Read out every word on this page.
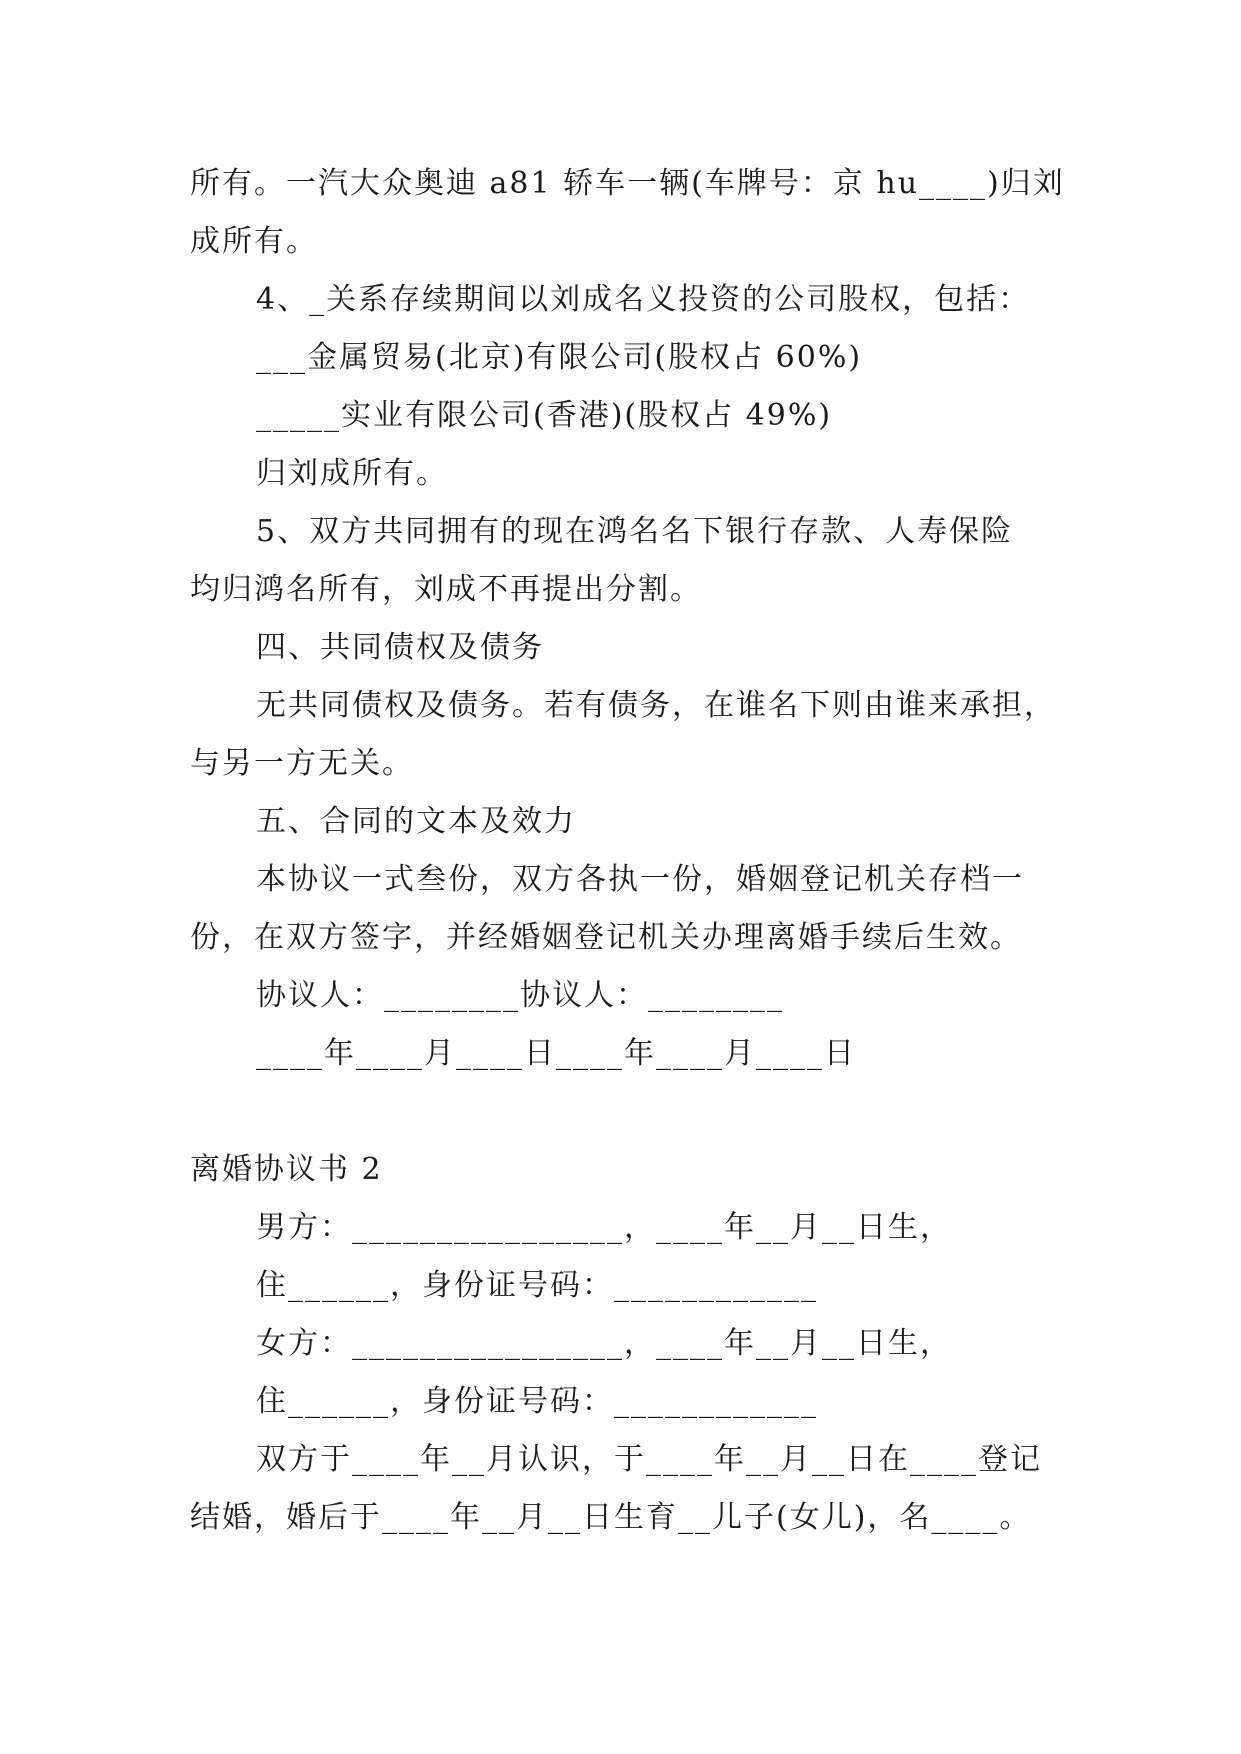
所有。一汽大众奥迪 a81 轿车一辆(车牌号：京 hu____)归刘
成所有。
4、_关系存续期间以刘成名义投资的公司股权，包括：
___金属贸易(北京)有限公司(股权占 60%)
_____实业有限公司(香港)(股权占 49%)
归刘成所有。
5、双方共同拥有的现在鸿名名下银行存款、人寿保险
均归鸿名所有，刘成不再提出分割。
四、共同债权及债务
无共同债权及债务。若有债务，在谁名下则由谁来承担，
与另一方无关。
五、合同的文本及效力
本协议一式叁份，双方各执一份，婚姻登记机关存档一
份，在双方签字，并经婚姻登记机关办理离婚手续后生效。
协议人：________协议人：________
____年____月____日____年____月____日
离婚协议书 2
男方：________________，____年__月__日生，
住______，身份证号码：____________
女方：________________，____年__月__日生，
住______，身份证号码：____________
双方于____年__月认识，于____年__月__日在____登记
结婚，婚后于____年__月__日生育__儿子(女儿)，名____。
